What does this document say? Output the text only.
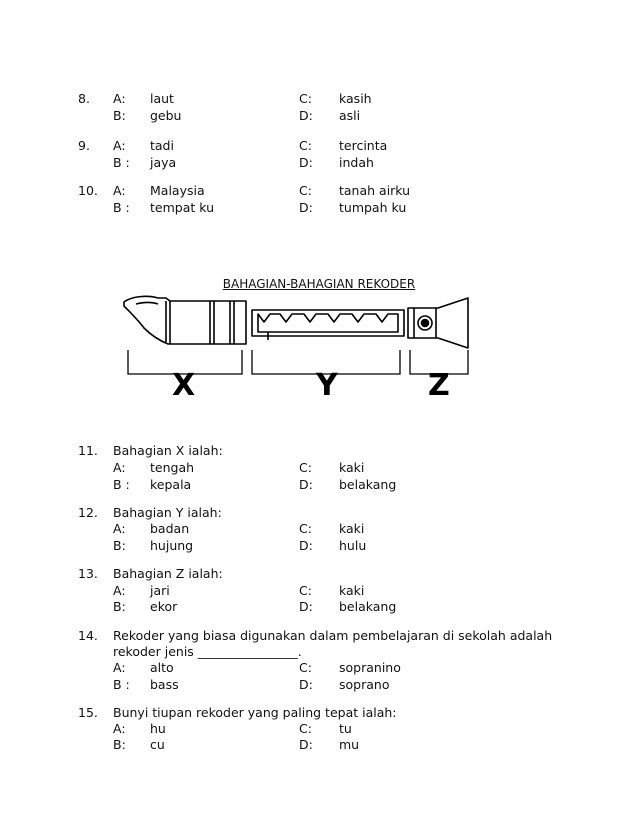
8. A: laut	C: kasih
B: gebu	D: asli
9. A: tadi	C: tercinta
B : jaya	D: indah
10. A: Malaysia	C: tanah airku
B : tempat ku	D: tumpah ku
BAHAGIAN-BAHAGIAN REKODER
X	Y	Z
11. Bahagian X ialah:
A: tengah	C: kaki
B : kepala	D: belakang
12. Bahagian Y ialah:
A: badan	C: kaki
B: hujung	D: hulu
13. Bahagian Z ialah:
A: jari	C: kaki
B: ekor	D: belakang
14. Rekoder yang biasa digunakan dalam pembelajaran di sekolah adalah
rekoder jenis ________________.
A: alto	C: sopranino
B : bass	D: soprano
15. Bunyi tiupan rekoder yang paling tepat ialah:
A: hu	C: tu
B: cu	D: mu
